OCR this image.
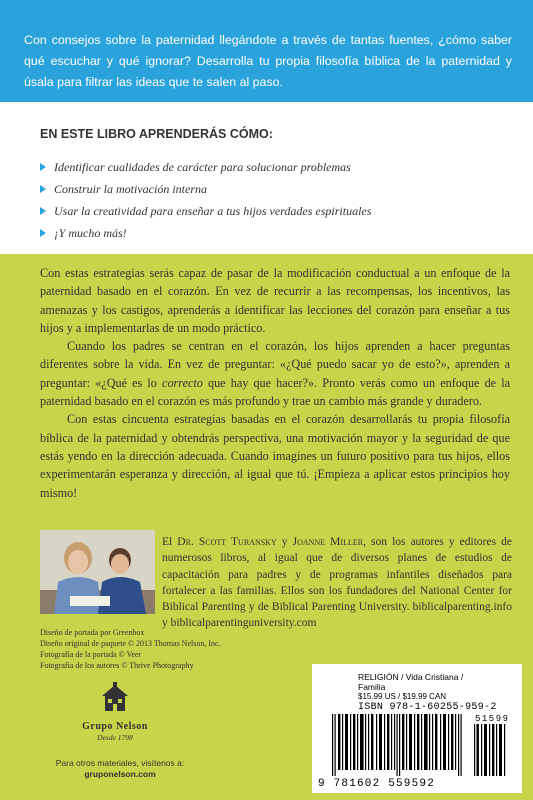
Con consejos sobre la paternidad llegándote a través de tantas fuentes, ¿cómo saber qué escuchar y qué ignorar? Desarrolla tu propia filosofía bíblica de la paternidad y úsala para filtrar las ideas que te salen al paso.
EN ESTE LIBRO APRENDERÁS CÓMO:
Identificar cualidades de carácter para solucionar problemas
Construir la motivación interna
Usar la creatividad para enseñar a tus hijos verdades espirituales
¡Y mucho más!

Con estas estrategias serás capaz de pasar de la modificación conductual a un enfoque de la paternidad basado en el corazón. En vez de recurrir a las recompensas, los incentivos, las amenazas y los castigos, aprenderás a identificar las lecciones del corazón para enseñar a tus hijos y a implementarlas de un modo práctico.

Cuando los padres se centran en el corazón, los hijos aprenden a hacer preguntas diferentes sobre la vida. En vez de preguntar: «¿Qué puedo sacar yo de esto?», aprenden a preguntar: «¿Qué es lo correcto que hay que hacer?». Pronto verás como un enfoque de la paternidad basado en el corazón es más profundo y trae un cambio más grande y duradero.

Con estas cincuenta estrategias basadas en el corazón desarrollarás tu propia filosofía bíblica de la paternidad y obtendrás perspectiva, una motivación mayor y la seguridad de que estás yendo en la dirección adecuada. Cuando imagines un futuro positivo para tus hijos, ellos experimentarán esperanza y dirección, al igual que tú. ¡Empieza a aplicar estos principios hoy mismo!

El Dr. Scott Turansky y Joanne Miller, son los autores y editores de numerosos libros, al igual que de diversos planes de estudios de capacitación para padres y de programas infantiles diseñados para fortalecer a las familias. Ellos son los fundadores del National Center for Biblical Parenting y de Biblical Parenting University. biblicalparenting.info y biblicalparentinguniversity.com
Diseño de portada por Greenbox
Diseño original de paquete © 2013 Thomas Nelson, Inc.
Fotografía de la portada © Veer
Fotografía de los autores © Thrive Photography
Grupo Nelson
Desde 1798
Para otros materiales, visítenos a:
gruponelson.com
RELIGIÓN / Vida Cristiana /
Familia
$15.99 US / $19.99 CAN
ISBN 978-1-60255-959-2
51599
9 781602 559592
